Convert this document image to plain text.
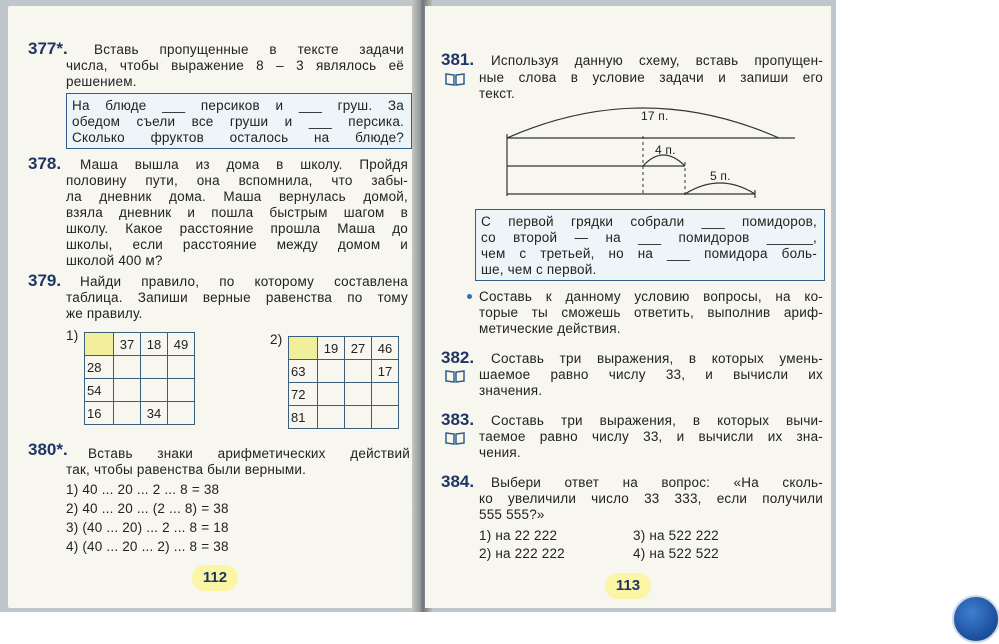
377*. Вставь пропущенные в тексте задачи
числа, чтобы выражение 8 – 3 являлось её
решением.
На блюде ___ персиков и ___ груш. За
обедом съели все груши и ___ персика.
Сколько фруктов осталось на блюде?
378. Маша вышла из дома в школу. Пройдя
половину пути, она вспомнила, что забы-
ла дневник дома. Маша вернулась домой,
взяла дневник и пошла быстрым шагом в
школу. Какое расстояние прошла Маша до
школы, если расстояние между домом и
школой 400 м?
379. Найди правило, по которому составлена
таблица. Запиши верные равенства по тому
же правилу.
1)
	37	18	49
28			
54			
16		34	
2)
	19	27	46
63			17
72			
81			
380*. Вставь знаки арифметических действий
так, чтобы равенства были верными.
1) 40 ... 20 ... 2 ... 8 = 38
2) 40 ... 20 ... (2 ... 8) = 38
3) (40 ... 20) ... 2 ... 8 = 18
4) (40 ... 20 ... 2) ... 8 = 38
112
381. Используя данную схему, вставь пропущен-
ные слова в условие задачи и запиши его
текст.
17 п.
4 п.
5 п.
С первой грядки собрали ___ помидоров,
со второй — на ___ помидоров ______,
чем с третьей, но на ___ помидора боль-
ше, чем с первой.
Составь к данному условию вопросы, на ко-
торые ты сможешь ответить, выполнив ариф-
метические действия.
382. Составь три выражения, в которых умень-
шаемое равно числу 33, и вычисли их
значения.
383. Составь три выражения, в которых вычи-
таемое равно числу 33, и вычисли их зна-
чения.
384. Выбери ответ на вопрос: «На сколь-
ко увеличили число 33 333, если получили
555 555?»
1) на 22 222	3) на 522 222
2) на 222 222	4) на 522 522
113
